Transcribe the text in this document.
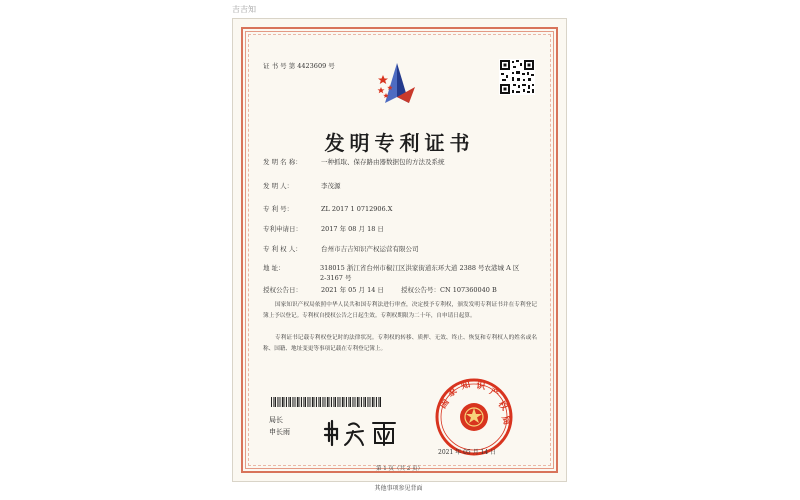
吉吉知
证 书 号 第 4423609 号
发明专利证书
发 明 名 称：	一种抓取、保存路由器数据包的方法及系统
发 明 人：	李茂源
专 利 号：	ZL 2017 1 0712906.X
专利申请日：	2017 年 08 月 18 日
专 利 权 人：	台州市吉吉知识产权运营有限公司
地 址：	318015 浙江省台州市椒江区洪家街道东环大道 2388 号农港城 A 区 2-3167 号
授权公告日：	2021 年 05 月 14 日	授权公告号：CN 107360040 B
国家知识产权局依照中华人民共和国专利法进行审查，决定授予专利权，颁发发明专利证书并在专利登记簿上予以登记。专利权自授权公告之日起生效。专利权期限为二十年，自申请日起算。
专利证书记载专利权登记时的法律状况。专利权的转移、质押、无效、终止、恢复和专利权人的姓名或名称、国籍、地址变更等事项记载在专利登记簿上。
局长
申长雨
国
家
知 识
产
权
局
2021 年 05 月 14 日
第 1 页（共 2 页）
其他事项参见背面
